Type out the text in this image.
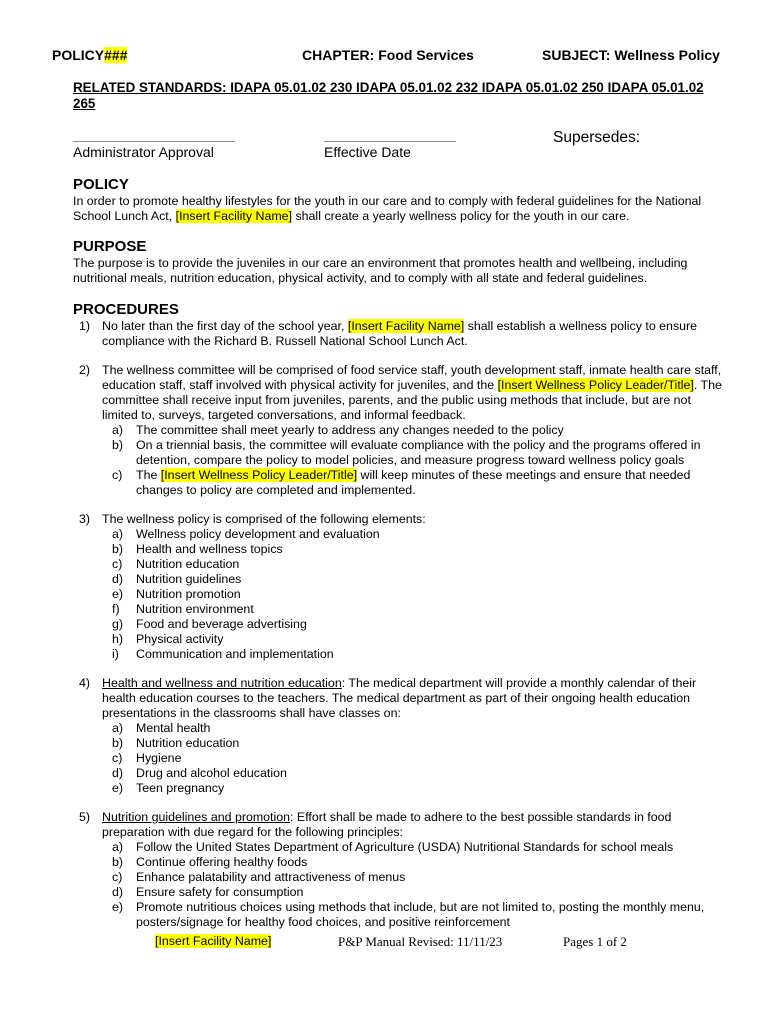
POLICY###	CHAPTER: Food Services	SUBJECT: Wellness Policy
RELATED STANDARDS: IDAPA 05.01.02 230 IDAPA 05.01.02 232 IDAPA 05.01.02 250 IDAPA 05.01.02
265
Administrator Approval	Effective Date
Supersedes:
POLICY
In order to promote healthy lifestyles for the youth in our care and to comply with federal guidelines for the National
School Lunch Act, [Insert Facility Name] shall create a yearly wellness policy for the youth in our care.
PURPOSE
The purpose is to provide the juveniles in our care an environment that promotes health and wellbeing, including
nutritional meals, nutrition education, physical activity, and to comply with all state and federal guidelines.
PROCEDURES
1) No later than the first day of the school year, [Insert Facility Name] shall establish a wellness policy to ensure
compliance with the Richard B. Russell National School Lunch Act.
2) The wellness committee will be comprised of food service staff, youth development staff, inmate health care staff,
education staff, staff involved with physical activity for juveniles, and the [Insert Wellness Policy Leader/Title]. The
committee shall receive input from juveniles, parents, and the public using methods that include, but are not
limited to, surveys, targeted conversations, and informal feedback.
a) The committee shall meet yearly to address any changes needed to the policy
b) On a triennial basis, the committee will evaluate compliance with the policy and the programs offered in
detention, compare the policy to model policies, and measure progress toward wellness policy goals
c) The [Insert Wellness Policy Leader/Title] will keep minutes of these meetings and ensure that needed
changes to policy are completed and implemented.
3) The wellness policy is comprised of the following elements:
a) Wellness policy development and evaluation
b) Health and wellness topics
c) Nutrition education
d) Nutrition guidelines
e) Nutrition promotion
f) Nutrition environment
g) Food and beverage advertising
h) Physical activity
i) Communication and implementation
4) Health and wellness and nutrition education: The medical department will provide a monthly calendar of their
health education courses to the teachers. The medical department as part of their ongoing health education
presentations in the classrooms shall have classes on:
a) Mental health
b) Nutrition education
c) Hygiene
d) Drug and alcohol education
e) Teen pregnancy
5) Nutrition guidelines and promotion: Effort shall be made to adhere to the best possible standards in food
preparation with due regard for the following principles:
a) Follow the United States Department of Agriculture (USDA) Nutritional Standards for school meals
b) Continue offering healthy foods
c) Enhance palatability and attractiveness of menus
d) Ensure safety for consumption
e) Promote nutritious choices using methods that include, but are not limited to, posting the monthly menu,
posters/signage for healthy food choices, and positive reinforcement
[Insert Facility Name]	P&P Manual Revised: 11/11/23	Pages 1 of 2
